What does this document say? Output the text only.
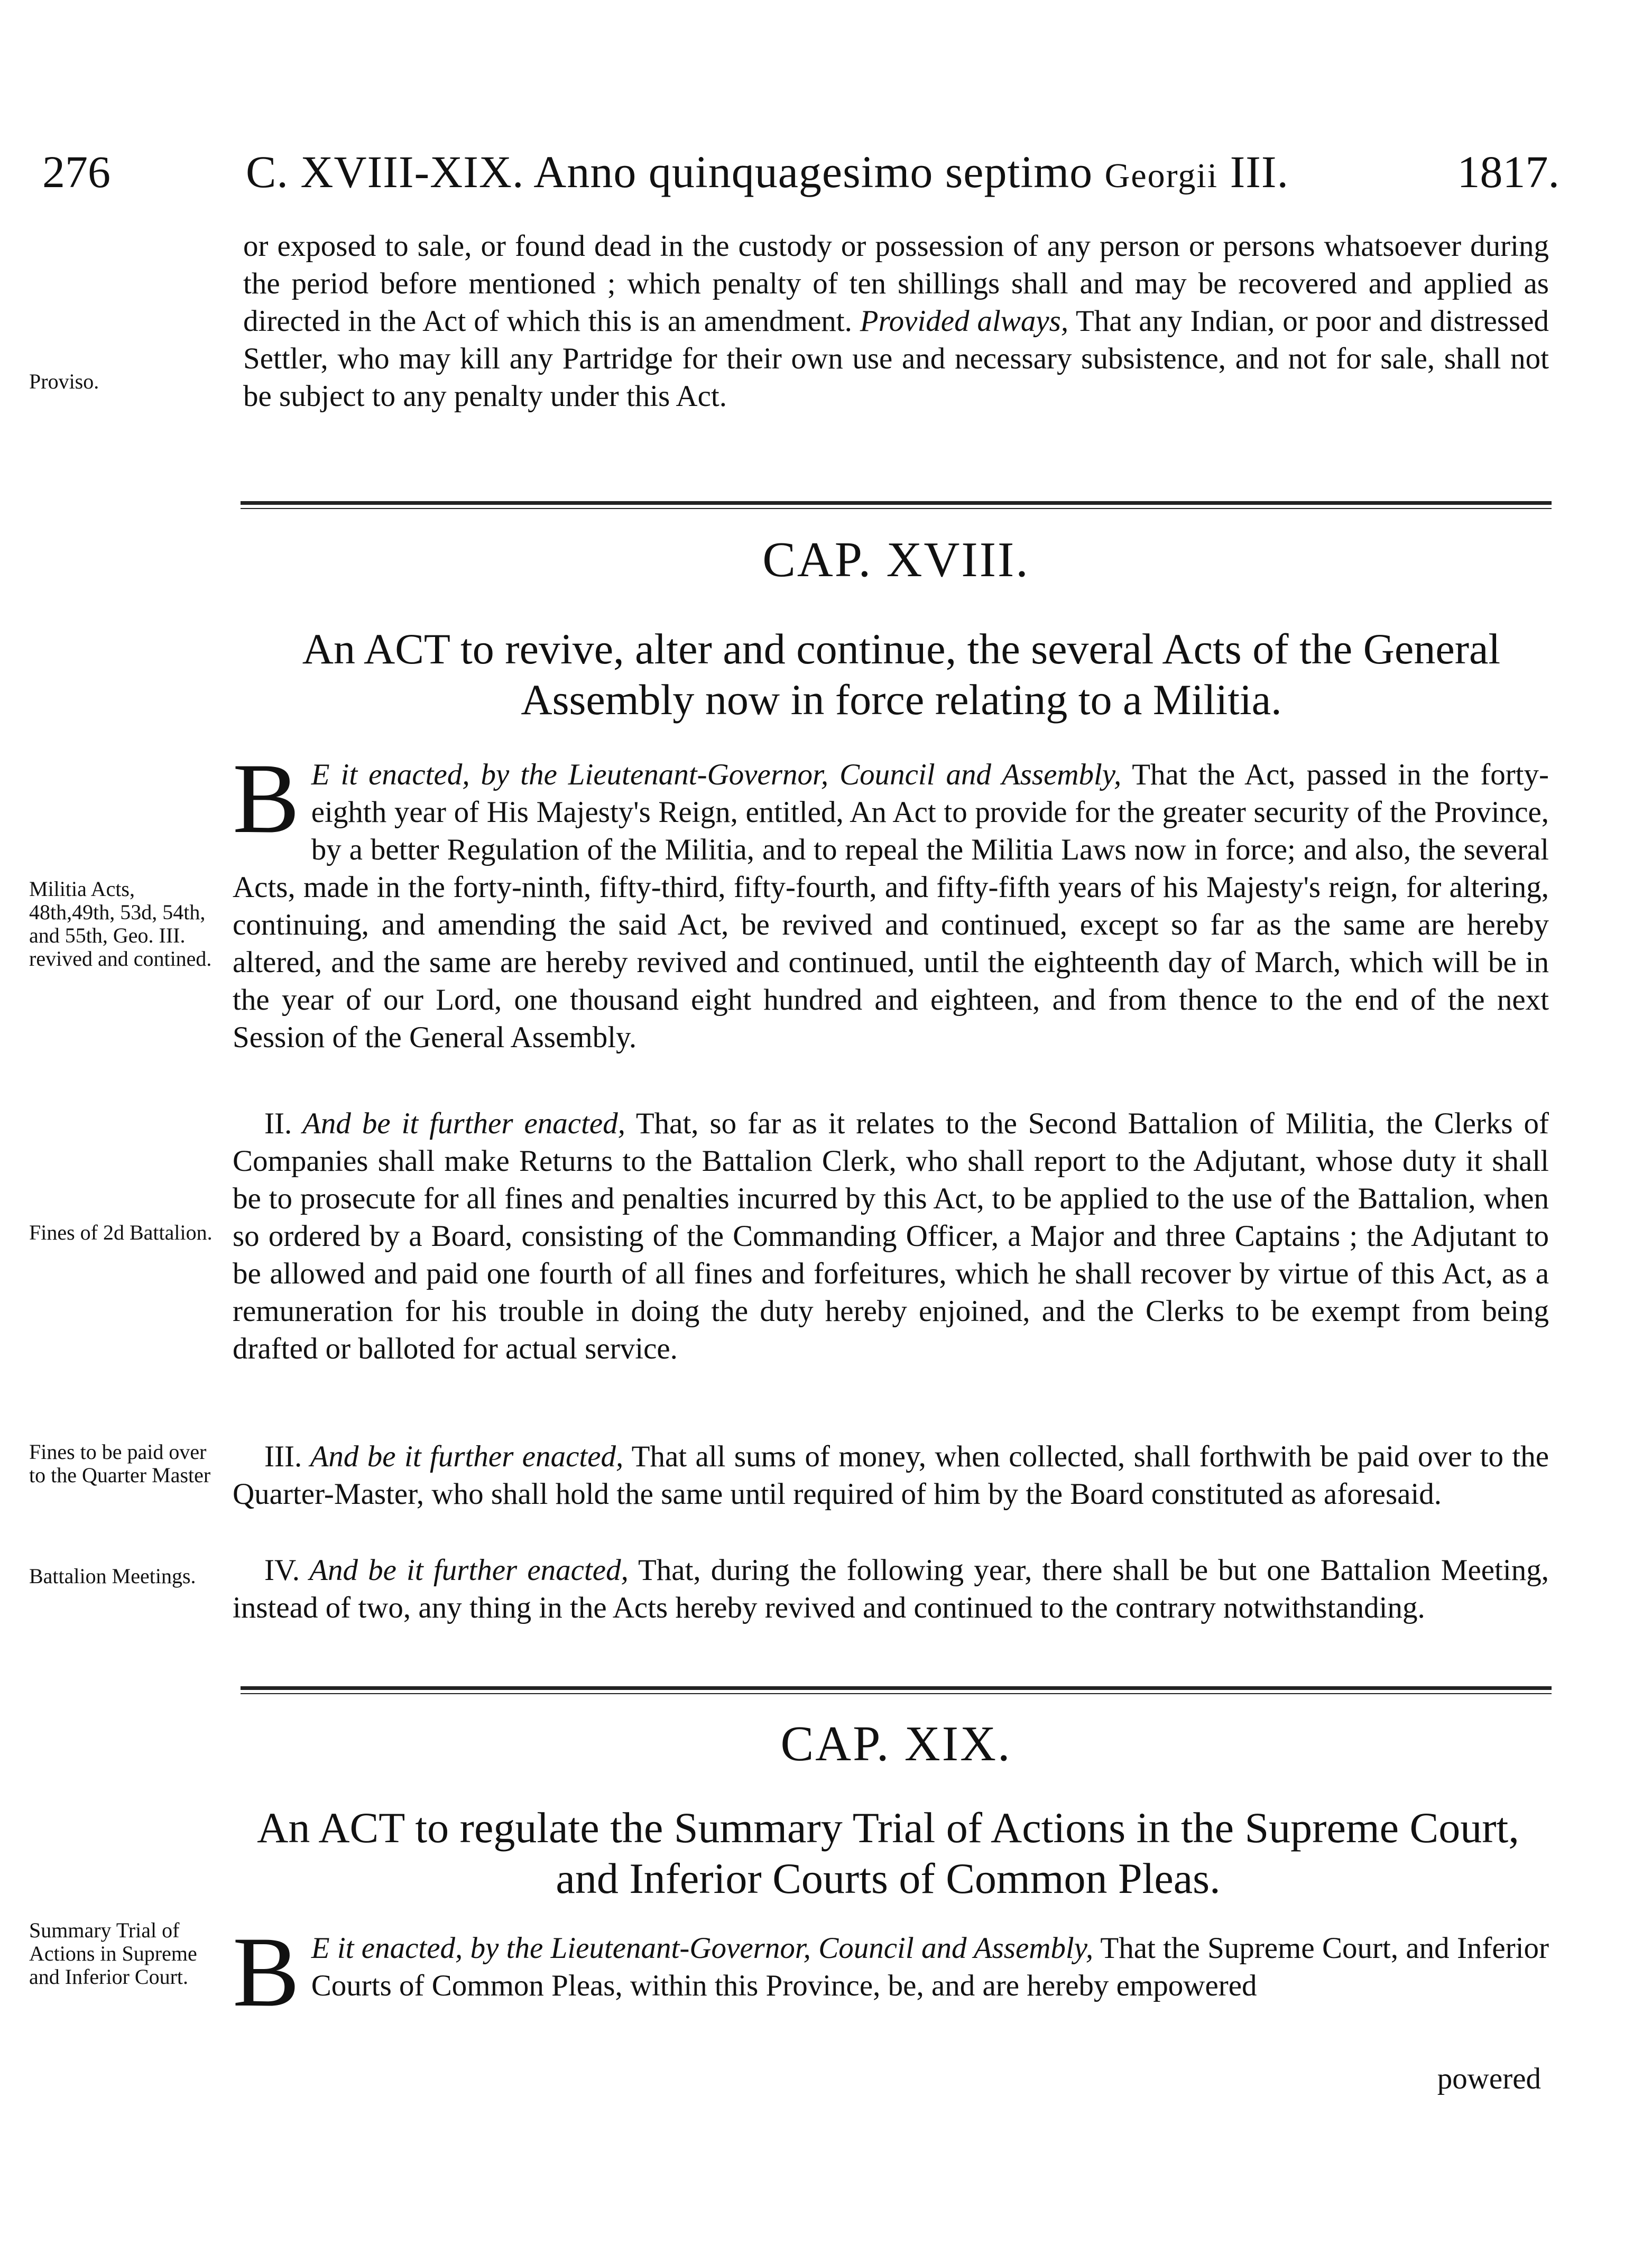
276	C. XVIII-XIX. Anno quinquagesimo septimo Georgii III.	1817.
or exposed to sale, or found dead in the custody or possession of any person or persons whatsoever during the period before mentioned ; which penalty of ten shillings shall and may be recovered and applied as directed in the Act of which this is an amendment. Provided always, That any Indian, or poor and distressed Settler, who may kill any Partridge for their own use and necessary subsistence, and not for sale, shall not be subject to any penalty under this Act.
Proviso.
CAP. XVIII.
An ACT to revive, alter and continue, the several Acts of the General Assembly now in force relating to a Militia.
B E it enacted, by the Lieutenant-Governor, Council and Assembly, That the Act, passed in the forty-eighth year of His Majesty's Reign, entitled, An Act to provide for the greater security of the Province, by a better Regulation of the Militia, and to repeal the Militia Laws now in force; and also, the several Acts, made in the forty-ninth, fifty-third, fifty-fourth, and fifty-fifth years of his Majesty's reign, for altering, continuing, and amending the said Act, be revived and continued, except so far as the same are hereby altered, and the same are hereby revived and continued, until the eighteenth day of March, which will be in the year of our Lord, one thousand eight hundred and eighteen, and from thence to the end of the next Session of the General Assembly.
II. And be it further enacted, That, so far as it relates to the Second Battalion of Militia, the Clerks of Companies shall make Returns to the Battalion Clerk, who shall report to the Adjutant, whose duty it shall be to prosecute for all fines and penalties incurred by this Act, to be applied to the use of the Battalion, when so ordered by a Board, consisting of the Commanding Officer, a Major and three Captains ; the Adjutant to be allowed and paid one fourth of all fines and forfeitures, which he shall recover by virtue of this Act, as a remuneration for his trouble in doing the duty hereby enjoined, and the Clerks to be exempt from being drafted or balloted for actual service.
III. And be it further enacted, That all sums of money, when collected, shall forthwith be paid over to the Quarter-Master, who shall hold the same until required of him by the Board constituted as aforesaid.
IV. And be it further enacted, That, during the following year, there shall be but one Battalion Meeting, instead of two, any thing in the Acts hereby revived and continued to the contrary notwithstanding.
Militia Acts, 48th,49th, 53d, 54th, and 55th, Geo. III. revived and contined.
Fines of 2d Battalion.
Fines to be paid over to the Quarter Master
Battalion Meetings.
CAP. XIX.
An ACT to regulate the Summary Trial of Actions in the Supreme Court, and Inferior Courts of Common Pleas.
B E it enacted, by the Lieutenant-Governor, Council and Assembly, That the Supreme Court, and Inferior Courts of Common Pleas, within this Province, be, and are hereby empowered
Summary Trial of Actions in Supreme and Inferior Court.
powered
